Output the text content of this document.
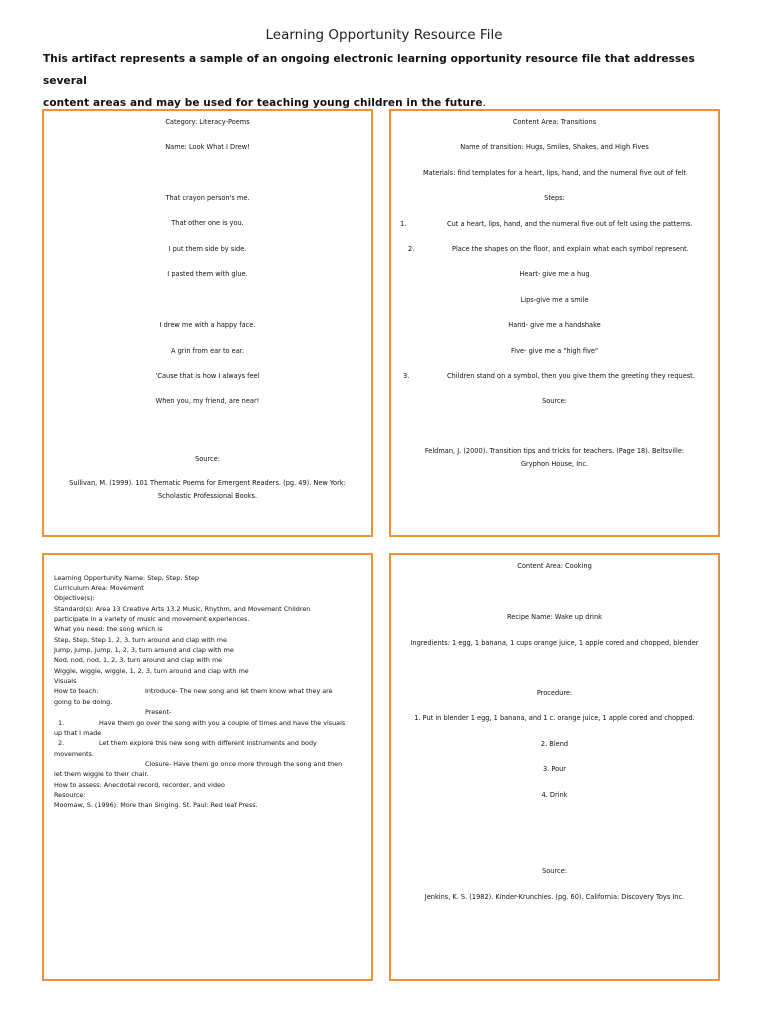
Learning Opportunity Resource File
This artifact represents a sample of an ongoing electronic learning opportunity resource file that addresses several
content areas and may be used for teaching young children in the future.
Category: Literacy-Poems
Name: Look What I Drew!
That crayon person's me.
That other one is you.
I put them side by side.
I pasted them with glue.
I drew me with a happy face.
A grin from ear to ear.
'Cause that is how I always feel
When you, my friend, are near!
Source:
Sullivan, M. (1999). 101 Thematic Poems for Emergent Readers. (pg. 49). New York:
Scholastic Professional Books.
Content Area: Transitions
Name of transition: Hugs, Smiles, Shakes, and High Fives
Materials: find templates for a heart, lips, hand, and the numeral five out of felt
Steps:
1.	Cut a heart, lips, hand, and the numeral five out of felt using the patterns.
2.	Place the shapes on the floor, and explain what each symbol represent.
Heart- give me a hug
Lips-give me a smile
Hand- give me a handshake
Five- give me a "high five"
3.	Children stand on a symbol, then you give them the greeting they request.
Source:
Feldman, J. (2000). Transition tips and tricks for teachers. (Page 18). Beltsville:
Gryphon House, Inc.
Learning Opportunity Name: Step, Step, Step
Curriculum Area: Movement
Objective(s):
Standard(s): Area 13 Creative Arts 13.2 Music, Rhythm, and Movement Children
participate in a variety of music and movement experiences.
What you need: the song which is
Step, Step, Step 1, 2, 3, turn around and clap with me
Jump, jump, jump, 1, 2, 3, turn around and clap with me
Nod, nod, nod, 1, 2, 3, turn around and clap with me
Wiggle, wiggle, wiggle, 1, 2, 3, turn around and clap with me
Visuals
How to teach:	Introduce- The new song and let them know what they are
going to be doing.
Present-
1.	Have them go over the song with you a couple of times and have the visuals
up that I made
2.	Let them explore this new song with different instruments and body
movements.
Closure- Have them go once more through the song and then
let them wiggle to their chair.
How to assess: Anecdotal record, recorder, and video
Resource:
Moomaw, S. (1996). More than Singing. St. Paul: Red leaf Press.
Content Area: Cooking
Recipe Name: Wake up drink
Ingredients: 1 egg, 1 banana, 1 cups orange juice, 1 apple cored and chopped, blender
Procedure:
1. Put in blender 1 egg, 1 banana, and 1 c. orange juice, 1 apple cored and chopped.
2. Blend
3. Pour
4. Drink
Source:
Jenkins, K. S. (1982). Kinder-Krunchies. (pg. 60). California: Discovery Toys Inc.
